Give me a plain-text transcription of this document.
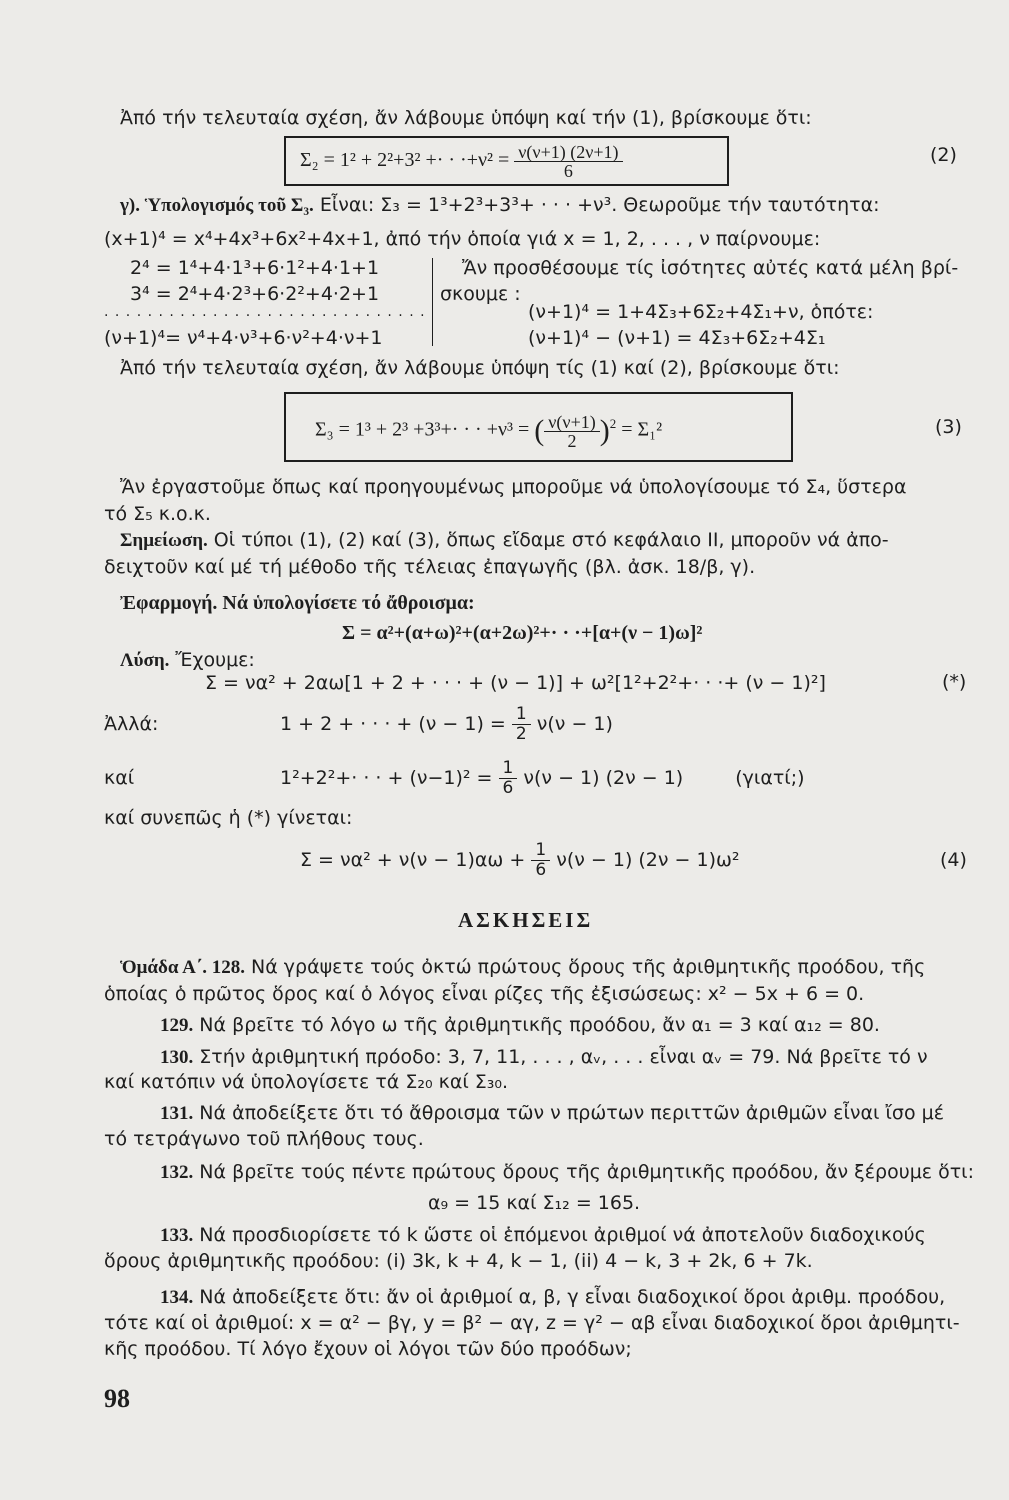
Ἀπό τήν τελευταία σχέση, ἄν λάβουμε ὑπόψη καί τήν (1), βρίσκουμε ὅτι:
Σ₂ = 1² + 2²+3² +· · $\cdot+\nu^2 = \frac{\nu(\nu+1) (2\nu+1)}{6}$	(2)
γ). Ὑπολογισμός τοῦ Σ₃. Εἶναι: Σ₃ = 1³+2³+3³+ · · · +ν³. Θεωροῦμε τήν ταυτότητα:
(x+1)⁴ = x⁴+4x³+6x²+4x+1, ἀπό τήν ὁποία γιά x = 1, 2, . . . , ν παίρνουμε:
2⁴ = 1⁴+4·1³+6·1²+4·1+1
3⁴ = 2⁴+4·2³+6·2²+4·2+1
· · · · · · · · · · · · · · · · · · · · · · · · · · · · · ·
(ν+1)⁴= ν⁴+4·ν³+6·ν²+4·ν+1
Ἄν προσθέσουμε τίς ἰσότητες αὐτές κατά μέλη βρί-
σκουμε :
(ν+1)⁴ = 1+4Σ₃+6Σ₂+4Σ₁+ν, ὁπότε:
(ν+1)⁴ − (ν+1) = 4Σ₃+6Σ₂+4Σ₁
Ἀπό τήν τελευταία σχέση, ἄν λάβουμε ὑπόψη τίς (1) καί (2), βρίσκουμε ὅτι:
Σ₃ = 1³ + 2³ +3³+· · · +ν³ = ( $\frac{\nu(\nu+1)}{2} )^2 = \Sigma_1^2$	(3)
Ἄν ἐργαστοῦμε ὅπως καί προηγουμένως μποροῦμε νά ὑπολογίσουμε τό Σ₄, ὕστερα
τό Σ₅ κ.ο.κ.
Σημείωση. Οἱ τύποι (1), (2) καί (3), ὅπως εἴδαμε στό κεφάλαιο ΙΙ, μποροῦν νά ἀπο-
δειχτοῦν καί μέ τή μέθοδο τῆς τέλειας ἐπαγωγῆς (βλ. ἀσκ. 18/β, γ).
Ἐφαρμογή. Νά ὑπολογίσετε τό ἄθροισμα:
Σ = α²+(α+ω)²+(α+2ω)²+· · ·+[α+(ν − 1)ω]²
Λύση. Ἔχουμε:
Σ = να² + 2αω[1 + 2 + · · · + (ν − 1)] + ω²[1²+2²+· · ·+ (ν − 1)²]	(*)
Ἀλλά:	1 + 2 + · · · + $(\nu - 1) = \frac{1}{2} \nu(\nu - 1)$
καί	1²+2²+· · · + $(\nu-1)^2 = \frac{1}{6} \nu(\nu - 1) (2\nu - 1)$	(γιατί;)
καί συνεπῶς ἡ (*) γίνεται:
$\Sigma = \nu\alpha^2 + \nu(\nu - 1)\alpha\omega + \frac{1}{6} \nu(\nu - 1) (2\nu - 1)\omega^2$	(4)
ΑΣΚΗΣΕΙΣ
Ὁμάδα Α΄. 128. Νά γράψετε τούς ὀκτώ πρώτους ὅρους τῆς ἀριθμητικῆς προόδου, τῆς
ὁποίας ὁ πρῶτος ὅρος καί ὁ λόγος εἶναι ρίζες τῆς ἐξισώσεως: x² − 5x + 6 = 0.
129. Νά βρεῖτε τό λόγο ω τῆς ἀριθμητικῆς προόδου, ἄν α₁ = 3 καί α₁₂ = 80.
130. Στήν ἀριθμητική πρόοδο: 3, 7, 11, . . . , αᵥ, . . . εἶναι αᵥ = 79. Νά βρεῖτε τό ν
καί κατόπιν νά ὑπολογίσετε τά Σ₂₀ καί Σ₃₀.
131. Νά ἀποδείξετε ὅτι τό ἄθροισμα τῶν ν πρώτων περιττῶν ἀριθμῶν εἶναι ἴσο μέ
τό τετράγωνο τοῦ πλήθους τους.
132. Νά βρεῖτε τούς πέντε πρώτους ὅρους τῆς ἀριθμητικῆς προόδου, ἄν ξέρουμε ὅτι:
α₉ = 15 καί Σ₁₂ = 165.
133. Νά προσδιορίσετε τό k ὥστε οἱ ἑπόμενοι ἀριθμοί νά ἀποτελοῦν διαδοχικούς
ὅρους ἀριθμητικῆς προόδου: (i) 3k, k + 4, k − 1, (ii) 4 − k, 3 + 2k, 6 + 7k.
134. Νά ἀποδείξετε ὅτι: ἄν οἱ ἀριθμοί α, β, γ εἶναι διαδοχικοί ὅροι ἀριθμ. προόδου,
τότε καί οἱ ἀριθμοί: x = α² − βγ, y = β² − αγ, z = γ² − αβ εἶναι διαδοχικοί ὅροι ἀριθμητι-
κῆς προόδου. Τί λόγο ἔχουν οἱ λόγοι τῶν δύο προόδων;
98
